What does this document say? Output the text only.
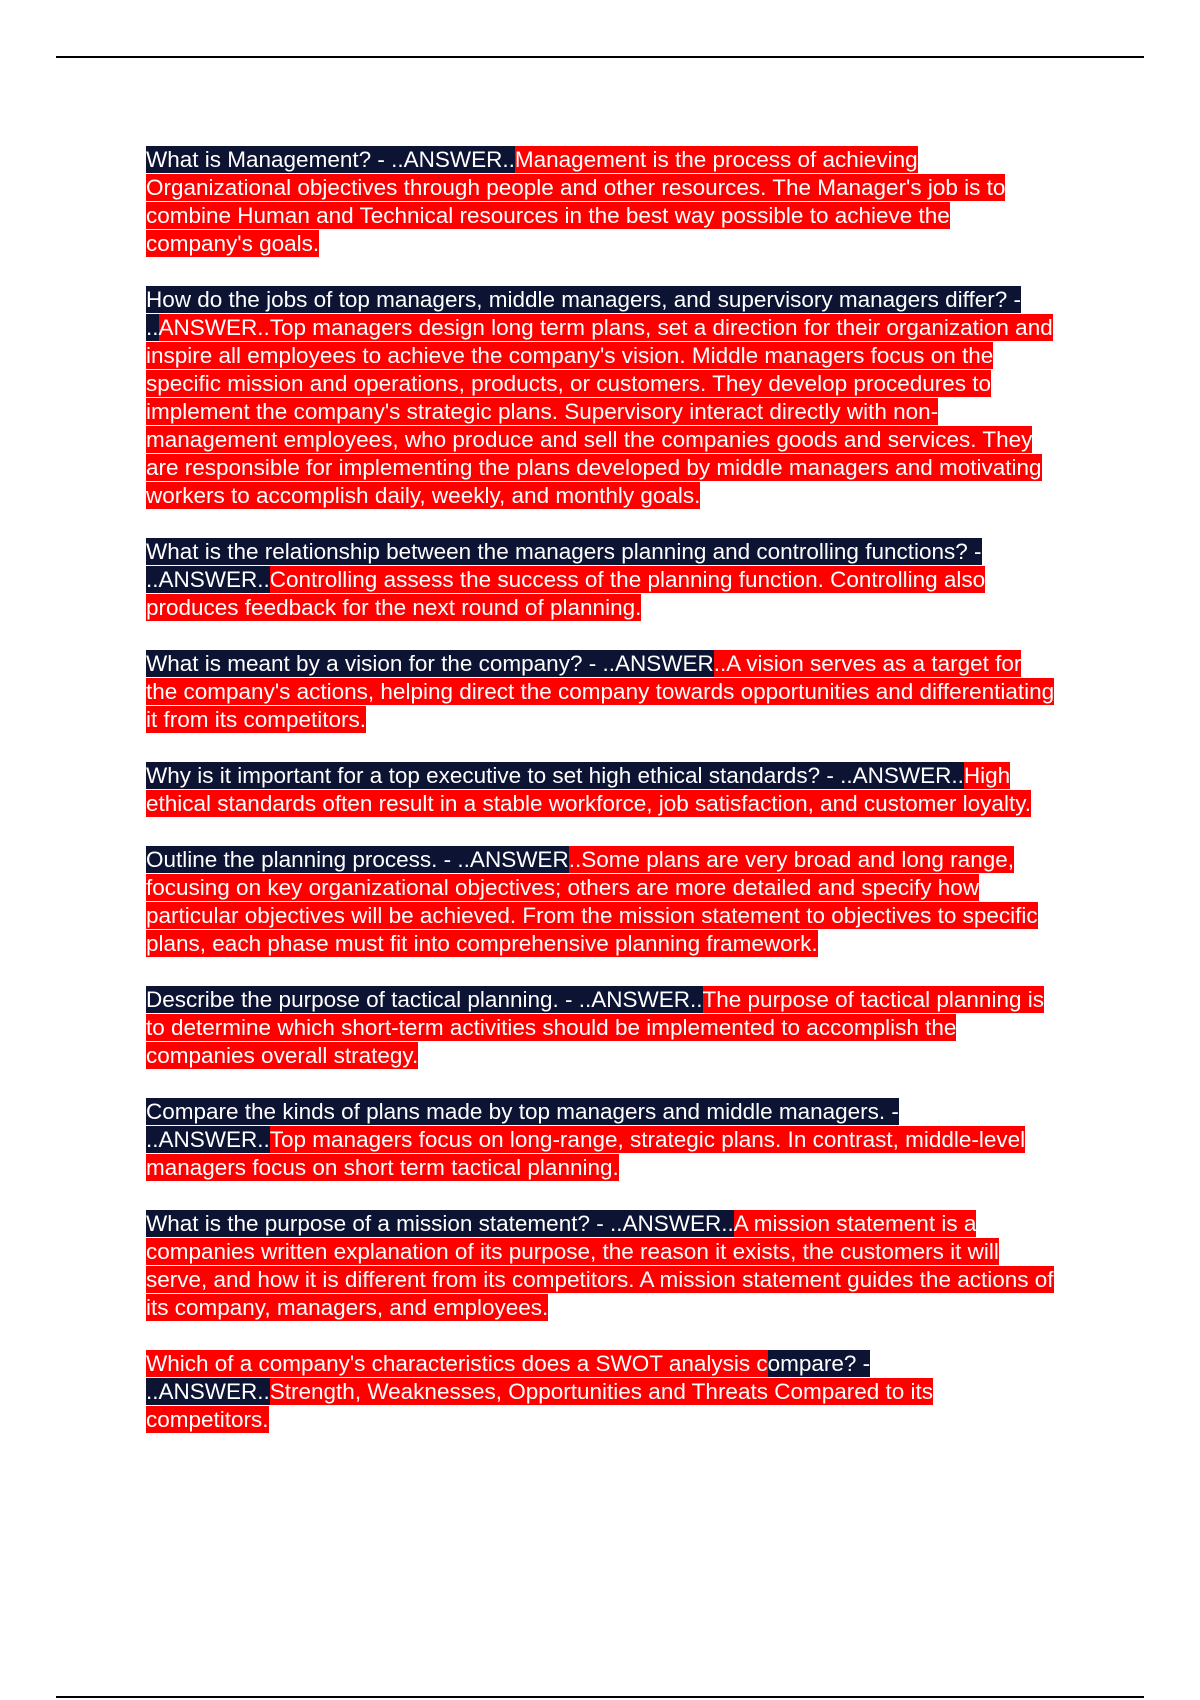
What is Management? - ..ANSWER..Management is the process of achieving Organizational objectives through people and other resources. The Manager's job is to combine Human and Technical resources in the best way possible to achieve the company's goals.

How do the jobs of top managers, middle managers, and supervisory managers differ? - ..ANSWER..Top managers design long term plans, set a direction for their organization and inspire all employees to achieve the company's vision. Middle managers focus on the specific mission and operations, products, or customers. They develop procedures to implement the company's strategic plans. Supervisory interact directly with non-management employees, who produce and sell the companies goods and services. They are responsible for implementing the plans developed by middle managers and motivating workers to accomplish daily, weekly, and monthly goals.

What is the relationship between the managers planning and controlling functions? - ..ANSWER..Controlling assess the success of the planning function. Controlling also produces feedback for the next round of planning.

What is meant by a vision for the company? - ..ANSWER..A vision serves as a target for the company's actions, helping direct the company towards opportunities and differentiating it from its competitors.

Why is it important for a top executive to set high ethical standards? - ..ANSWER..High ethical standards often result in a stable workforce, job satisfaction, and customer loyalty.

Outline the planning process. - ..ANSWER..Some plans are very broad and long range, focusing on key organizational objectives; others are more detailed and specify how particular objectives will be achieved. From the mission statement to objectives to specific plans, each phase must fit into comprehensive planning framework.

Describe the purpose of tactical planning. - ..ANSWER..The purpose of tactical planning is to determine which short-term activities should be implemented to accomplish the companies overall strategy.

Compare the kinds of plans made by top managers and middle managers. - ..ANSWER..Top managers focus on long-range, strategic plans. In contrast, middle-level managers focus on short term tactical planning.

What is the purpose of a mission statement? - ..ANSWER..A mission statement is a companies written explanation of its purpose, the reason it exists, the customers it will serve, and how it is different from its competitors. A mission statement guides the actions of its company, managers, and employees.

Which of a company's characteristics does a SWOT analysis compare? - ..ANSWER..Strength, Weaknesses, Opportunities and Threats Compared to its competitors.
